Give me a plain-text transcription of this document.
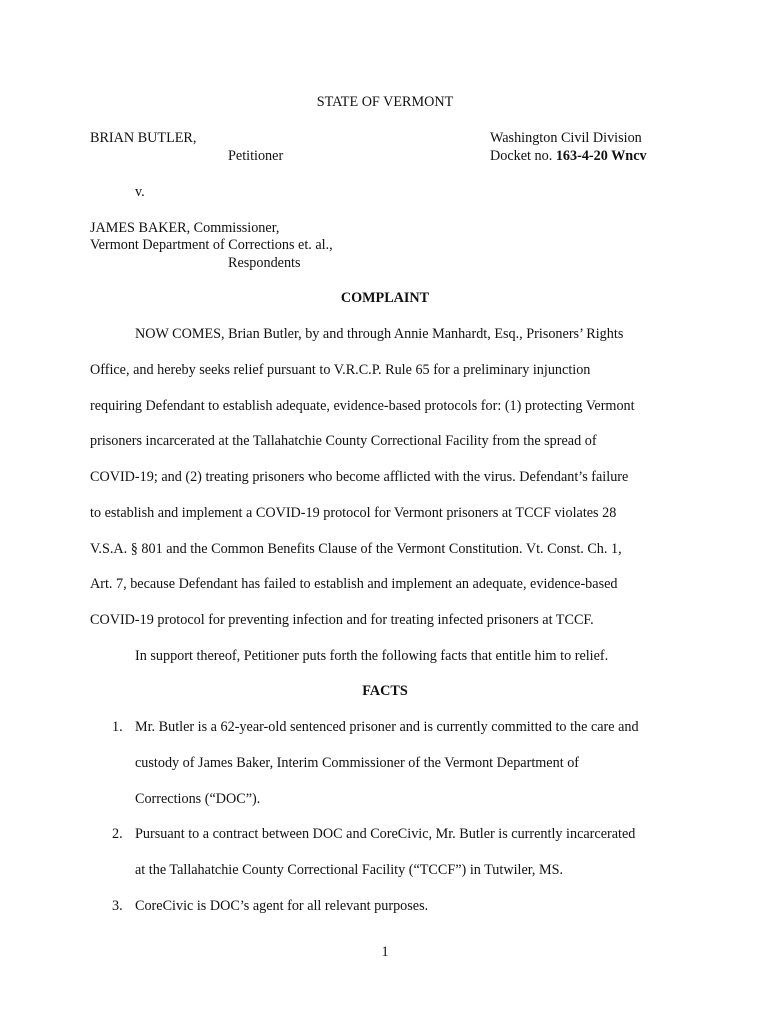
STATE OF VERMONT
BRIAN BUTLER,
Petitioner
Washington Civil Division
Docket no. 163-4-20 Wncv
v.
JAMES BAKER, Commissioner,
Vermont Department of Corrections et. al.,
Respondents
COMPLAINT
NOW COMES, Brian Butler, by and through Annie Manhardt, Esq., Prisoners’ Rights
Office, and hereby seeks relief pursuant to V.R.C.P. Rule 65 for a preliminary injunction
requiring Defendant to establish adequate, evidence-based protocols for: (1) protecting Vermont
prisoners incarcerated at the Tallahatchie County Correctional Facility from the spread of
COVID-19; and (2) treating prisoners who become afflicted with the virus. Defendant’s failure
to establish and implement a COVID-19 protocol for Vermont prisoners at TCCF violates 28
V.S.A. § 801 and the Common Benefits Clause of the Vermont Constitution. Vt. Const. Ch. 1,
Art. 7, because Defendant has failed to establish and implement an adequate, evidence-based
COVID-19 protocol for preventing infection and for treating infected prisoners at TCCF.
In support thereof, Petitioner puts forth the following facts that entitle him to relief.
FACTS
1. Mr. Butler is a 62-year-old sentenced prisoner and is currently committed to the care and
custody of James Baker, Interim Commissioner of the Vermont Department of
Corrections (“DOC”).
2. Pursuant to a contract between DOC and CoreCivic, Mr. Butler is currently incarcerated
at the Tallahatchie County Correctional Facility (“TCCF”) in Tutwiler, MS.
3. CoreCivic is DOC’s agent for all relevant purposes.
1
